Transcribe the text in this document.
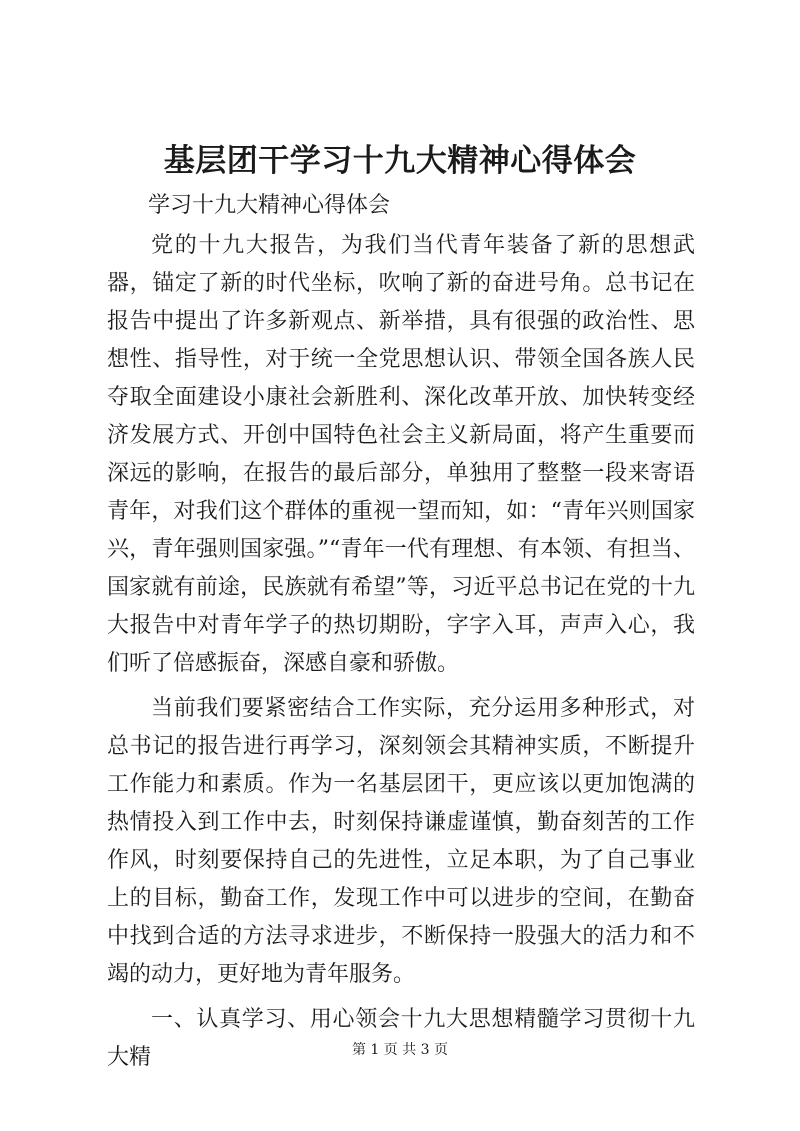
基层团干学习十九大精神心得体会
学习十九大精神心得体会

党的十九大报告，为我们当代青年装备了新的思想武器，锚定了新的时代坐标，吹响了新的奋进号角。总书记在报告中提出了许多新观点、新举措，具有很强的政治性、思想性、指导性，对于统一全党思想认识、带领全国各族人民夺取全面建设小康社会新胜利、深化改革开放、加快转变经济发展方式、开创中国特色社会主义新局面，将产生重要而深远的影响，在报告的最后部分，单独用了整整一段来寄语青年，对我们这个群体的重视一望而知，如：“青年兴则国家兴，青年强则国家强。”“青年一代有理想、有本领、有担当、国家就有前途，民族就有希望”等，习近平总书记在党的十九大报告中对青年学子的热切期盼，字字入耳，声声入心，我们听了倍感振奋，深感自豪和骄傲。

当前我们要紧密结合工作实际，充分运用多种形式，对总书记的报告进行再学习，深刻领会其精神实质，不断提升工作能力和素质。作为一名基层团干，更应该以更加饱满的热情投入到工作中去，时刻保持谦虚谨慎，勤奋刻苦的工作作风，时刻要保持自己的先进性，立足本职，为了自己事业上的目标，勤奋工作，发现工作中可以进步的空间，在勤奋中找到合适的方法寻求进步，不断保持一股强大的活力和不竭的动力，更好地为青年服务。

一、认真学习、用心领会十九大思想精髓学习贯彻十九大精	第 1 页 共 3 页
